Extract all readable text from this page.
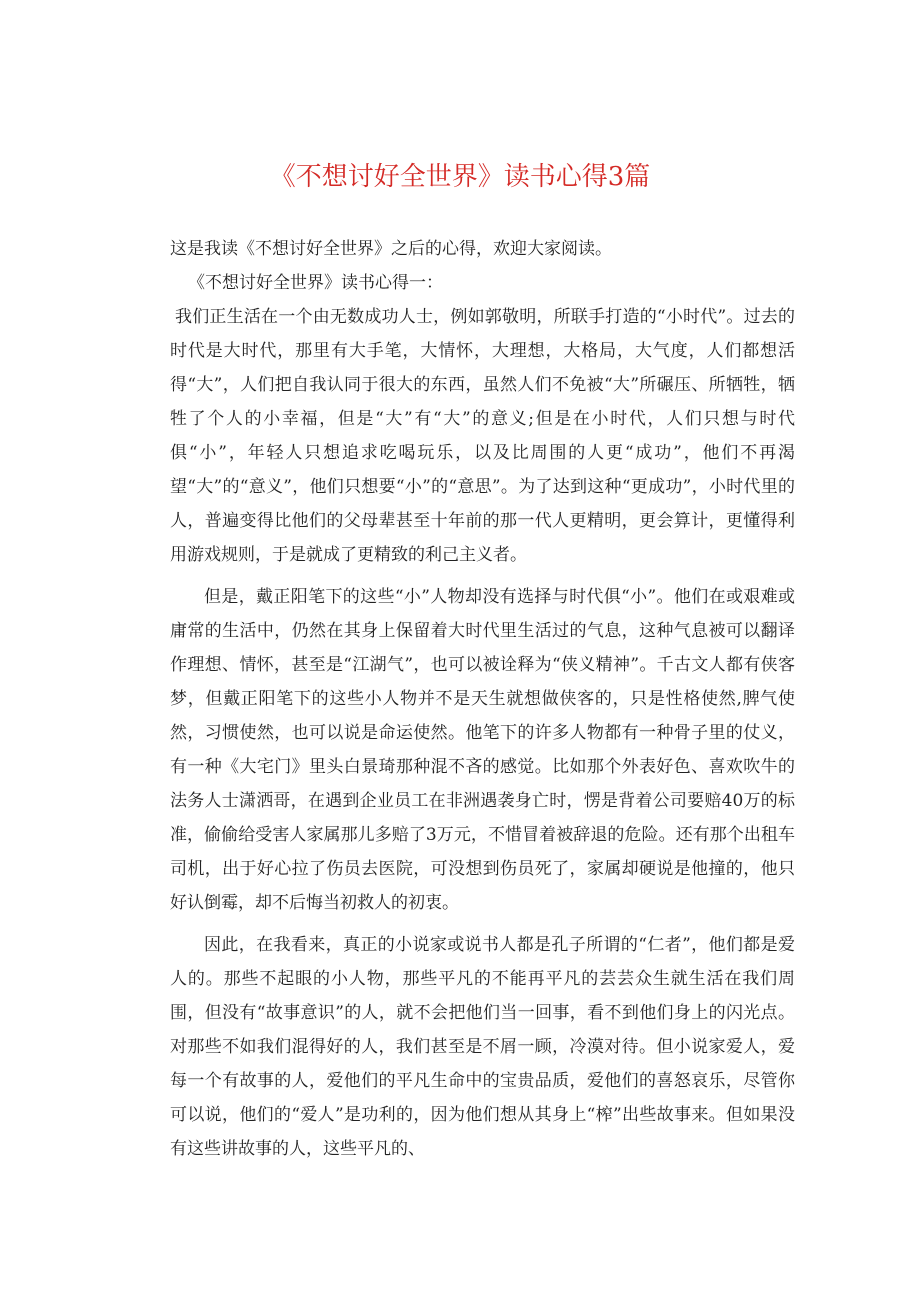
《不想讨好全世界》读书心得3篇

这是我读《不想讨好全世界》之后的心得，欢迎大家阅读。

《不想讨好全世界》读书心得一：

我们正生活在一个由无数成功人士，例如郭敬明，所联手打造的“小时代”。过去的时代是大时代，那里有大手笔，大情怀，大理想，大格局，大气度，人们都想活得“大”，人们把自我认同于很大的东西，虽然人们不免被“大”所碾压、所牺牲，牺牲了个人的小幸福，但是“大”有“大”的意义;但是在小时代，人们只想与时代俱“小”，年轻人只想追求吃喝玩乐，以及比周围的人更“成功”，他们不再渴望“大”的“意义”，他们只想要“小”的“意思”。为了达到这种“更成功”，小时代里的人，普遍变得比他们的父母辈甚至十年前的那一代人更精明，更会算计，更懂得利用游戏规则，于是就成了更精致的利己主义者。

但是，戴正阳笔下的这些“小”人物却没有选择与时代俱“小”。他们在或艰难或庸常的生活中，仍然在其身上保留着大时代里生活过的气息，这种气息被可以翻译作理想、情怀，甚至是“江湖气”，也可以被诠释为“侠义精神”。千古文人都有侠客梦，但戴正阳笔下的这些小人物并不是天生就想做侠客的，只是性格使然,脾气使然，习惯使然，也可以说是命运使然。他笔下的许多人物都有一种骨子里的仗义，有一种《大宅门》里头白景琦那种混不吝的感觉。比如那个外表好色、喜欢吹牛的法务人士潇洒哥，在遇到企业员工在非洲遇袭身亡时，愣是背着公司要赔40万的标准，偷偷给受害人家属那儿多赔了3万元，不惜冒着被辞退的危险。还有那个出租车司机，出于好心拉了伤员去医院，可没想到伤员死了，家属却硬说是他撞的，他只好认倒霉，却不后悔当初救人的初衷。

因此，在我看来，真正的小说家或说书人都是孔子所谓的“仁者”，他们都是爱人的。那些不起眼的小人物，那些平凡的不能再平凡的芸芸众生就生活在我们周围，但没有“故事意识”的人，就不会把他们当一回事，看不到他们身上的闪光点。对那些不如我们混得好的人，我们甚至是不屑一顾，冷漠对待。但小说家爱人，爱每一个有故事的人，爱他们的平凡生命中的宝贵品质，爱他们的喜怒哀乐，尽管你可以说，他们的“爱人”是功利的，因为他们想从其身上“榨”出些故事来。但如果没有这些讲故事的人，这些平凡的、
